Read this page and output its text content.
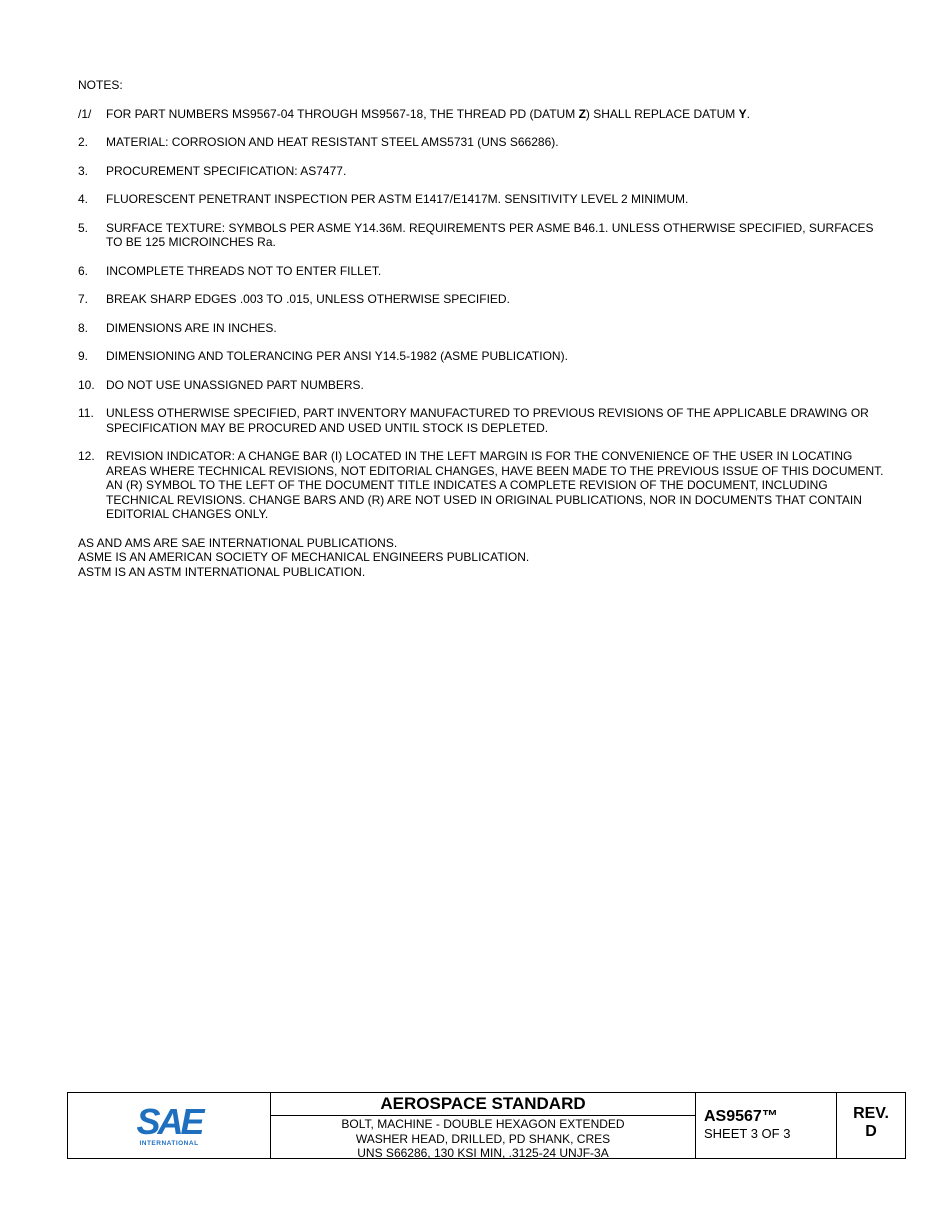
NOTES:
/1/	FOR PART NUMBERS MS9567-04 THROUGH MS9567-18, THE THREAD PD (DATUM Z) SHALL REPLACE DATUM Y.
2.	MATERIAL: CORROSION AND HEAT RESISTANT STEEL AMS5731 (UNS S66286).
3.	PROCUREMENT SPECIFICATION: AS7477.
4.	FLUORESCENT PENETRANT INSPECTION PER ASTM E1417/E1417M. SENSITIVITY LEVEL 2 MINIMUM.
5.	SURFACE TEXTURE: SYMBOLS PER ASME Y14.36M. REQUIREMENTS PER ASME B46.1. UNLESS OTHERWISE SPECIFIED, SURFACES TO BE 125 MICROINCHES Ra.
6.	INCOMPLETE THREADS NOT TO ENTER FILLET.
7.	BREAK SHARP EDGES .003 TO .015, UNLESS OTHERWISE SPECIFIED.
8.	DIMENSIONS ARE IN INCHES.
9.	DIMENSIONING AND TOLERANCING PER ANSI Y14.5-1982 (ASME PUBLICATION).
10. DO NOT USE UNASSIGNED PART NUMBERS.
11.	UNLESS OTHERWISE SPECIFIED, PART INVENTORY MANUFACTURED TO PREVIOUS REVISIONS OF THE APPLICABLE DRAWING OR SPECIFICATION MAY BE PROCURED AND USED UNTIL STOCK IS DEPLETED.
12. REVISION INDICATOR: A CHANGE BAR (I) LOCATED IN THE LEFT MARGIN IS FOR THE CONVENIENCE OF THE USER IN LOCATING AREAS WHERE TECHNICAL REVISIONS, NOT EDITORIAL CHANGES, HAVE BEEN MADE TO THE PREVIOUS ISSUE OF THIS DOCUMENT. AN (R) SYMBOL TO THE LEFT OF THE DOCUMENT TITLE INDICATES A COMPLETE REVISION OF THE DOCUMENT, INCLUDING TECHNICAL REVISIONS. CHANGE BARS AND (R) ARE NOT USED IN ORIGINAL PUBLICATIONS, NOR IN DOCUMENTS THAT CONTAIN EDITORIAL CHANGES ONLY.
AS AND AMS ARE SAE INTERNATIONAL PUBLICATIONS.
ASME IS AN AMERICAN SOCIETY OF MECHANICAL ENGINEERS PUBLICATION.
ASTM IS AN ASTM INTERNATIONAL PUBLICATION.
SAE
INTERNATIONAL
AEROSPACE STANDARD
BOLT, MACHINE - DOUBLE HEXAGON EXTENDED
WASHER HEAD, DRILLED, PD SHANK, CRES
UNS S66286, 130 KSI MIN, .3125-24 UNJF-3A
AS9567™
SHEET 3 OF 3
REV.
D
